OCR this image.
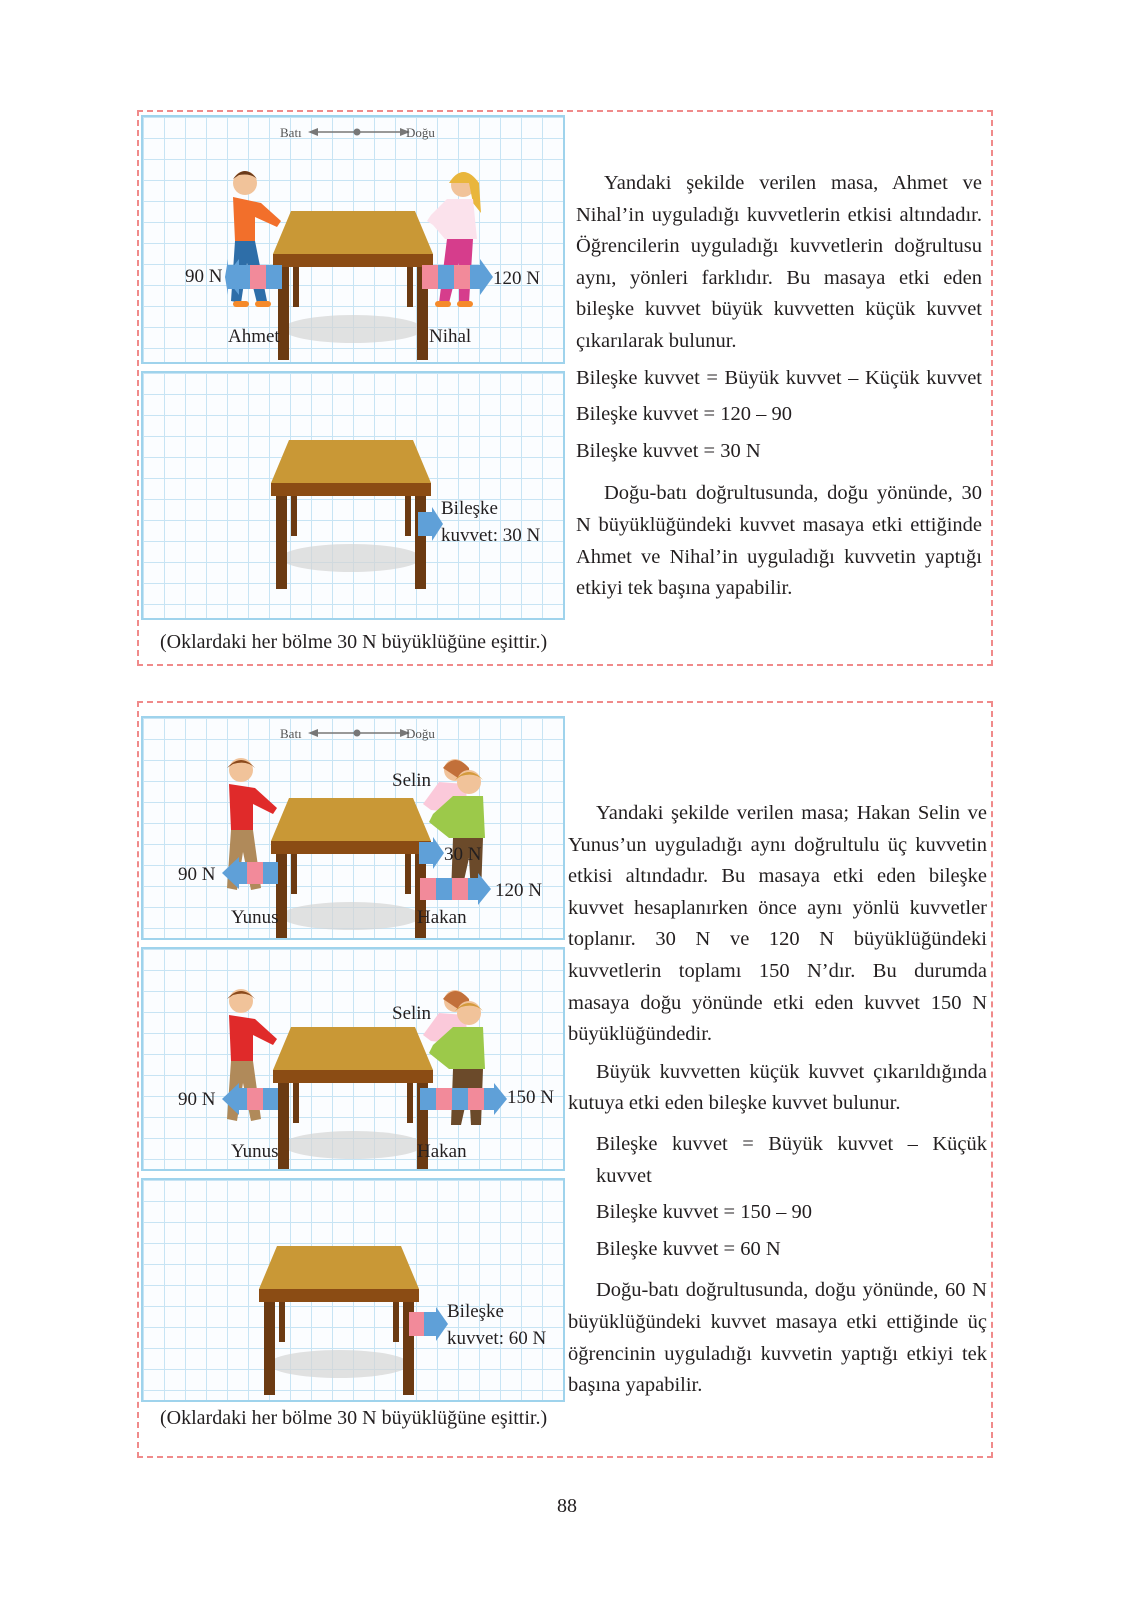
Batı	Doğu
90 N	120 N
Ahmet	Nihal
Bileşke
kuvvet: 30 N
(Oklardaki her bölme 30 N büyüklüğüne eşittir.)

Yandaki şekilde verilen masa, Ahmet ve Nihal’in uyguladığı kuvvetlerin etkisi altındadır. Öğrencilerin uyguladığı kuvvetlerin doğrultusu aynı, yönleri farklıdır. Bu masaya etki eden bileşke kuvvet büyük kuvvetten küçük kuvvet çıkarılarak bulunur.

Bileşke kuvvet = Büyük kuvvet – Küçük kuvvet

Bileşke kuvvet = 120 – 90

Bileşke kuvvet = 30 N

Doğu-batı doğrultusunda, doğu yönünde, 30 N büyüklüğündeki kuvvet masaya etki ettiğinde Ahmet ve Nihal’in uyguladığı kuvvetin yaptığı etkiyi tek başına yapabilir.

Batı	Doğu
Selin
90 N
30 N
120 N
Yunus	Hakan
Selin
90 N	150 N
Yunus	Hakan
Bileşke
kuvvet: 60 N
(Oklardaki her bölme 30 N büyüklüğüne eşittir.)

Yandaki şekilde verilen masa; Hakan Selin ve Yunus’un uyguladığı aynı doğrultulu üç kuvvetin etkisi altındadır. Bu masaya etki eden bileşke kuvvet hesaplanırken önce aynı yönlü kuvvetler toplanır. 30 N ve 120 N büyüklüğündeki kuvvetlerin toplamı 150 N’dır. Bu durumda masaya doğu yönünde etki eden kuvvet 150 N büyüklüğündedir.

Büyük kuvvetten küçük kuvvet çıkarıldığında kutuya etki eden bileşke kuvvet bulunur.

Bileşke kuvvet = Büyük kuvvet – Küçük kuvvet

Bileşke kuvvet = 150 – 90

Bileşke kuvvet = 60 N

Doğu-batı doğrultusunda, doğu yönünde, 60 N büyüklüğündeki kuvvet masaya etki ettiğinde üç öğrencinin uyguladığı kuvvetin yaptığı etkiyi tek başına yapabilir.

88
